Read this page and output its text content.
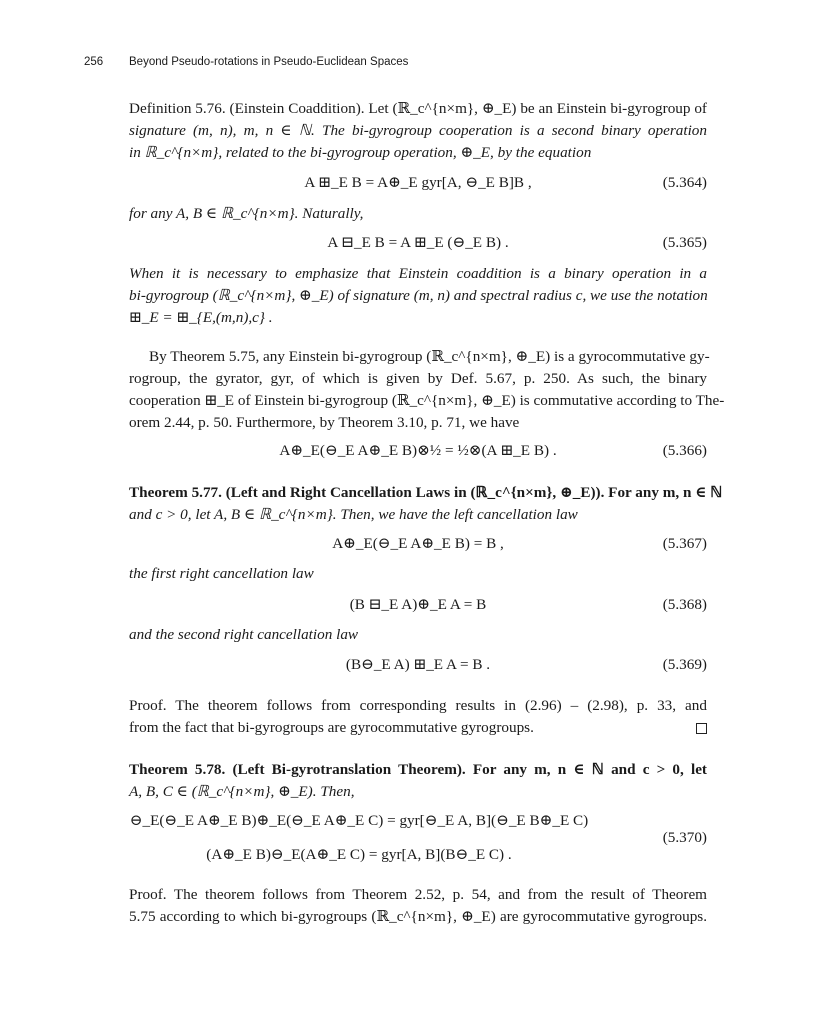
256 Beyond Pseudo-rotations in Pseudo-Euclidean Spaces
Definition 5.76. (Einstein Coaddition). Let (ℝ_c^{n×m}, ⊕_E) be an Einstein bi-gyrogroup of
signature (m, n), m, n ∈ ℕ. The bi-gyrogroup cooperation is a second binary operation
in ℝ_c^{n×m}, related to the bi-gyrogroup operation, ⊕_E, by the equation
A ⊞_E B = A⊕_E gyr[A, ⊖_E B]B ,	(5.364)
for any A, B ∈ ℝ_c^{n×m}. Naturally,
A ⊟_E B = A ⊞_E (⊖_E B) .	(5.365)
When it is necessary to emphasize that Einstein coaddition is a binary operation in a
bi-gyrogroup (ℝ_c^{n×m}, ⊕_E) of signature (m, n) and spectral radius c, we use the notation
⊞_E = ⊞_{E,(m,n),c} .
By Theorem 5.75, any Einstein bi-gyrogroup (ℝ_c^{n×m}, ⊕_E) is a gyrocommutative gy-
rogroup, the gyrator, gyr, of which is given by Def. 5.67, p. 250. As such, the binary
cooperation ⊞_E of Einstein bi-gyrogroup (ℝ_c^{n×m}, ⊕_E) is commutative according to The-
orem 2.44, p. 50. Furthermore, by Theorem 3.10, p. 71, we have
A⊕_E(⊖_E A⊕_E B)⊗½ = ½⊗(A ⊞_E B) .	(5.366)
Theorem 5.77. (Left and Right Cancellation Laws in (ℝ_c^{n×m}, ⊕_E)). For any m, n ∈ ℕ
and c > 0, let A, B ∈ ℝ_c^{n×m}. Then, we have the left cancellation law
A⊕_E(⊖_E A⊕_E B) = B ,	(5.367)
the first right cancellation law
(B ⊟_E A)⊕_E A = B	(5.368)
and the second right cancellation law
(B⊖_E A) ⊞_E A = B .	(5.369)
Proof. The theorem follows from corresponding results in (2.96) – (2.98), p. 33, and
from the fact that bi-gyrogroups are gyrocommutative gyrogroups.
Theorem 5.78. (Left Bi-gyrotranslation Theorem). For any m, n ∈ ℕ and c > 0, let
A, B, C ∈ (ℝ_c^{n×m}, ⊕_E). Then,
⊖_E(⊖_E A⊕_E B)⊕_E(⊖_E A⊕_E C) = gyr[⊖_E A, B](⊖_E B⊕_E C)
(A⊕_E B)⊖_E(A⊕_E C) = gyr[A, B](B⊖_E C) .
(5.370)
Proof. The theorem follows from Theorem 2.52, p. 54, and from the result of Theorem
5.75 according to which bi-gyrogroups (ℝ_c^{n×m}, ⊕_E) are gyrocommutative gyrogroups.
